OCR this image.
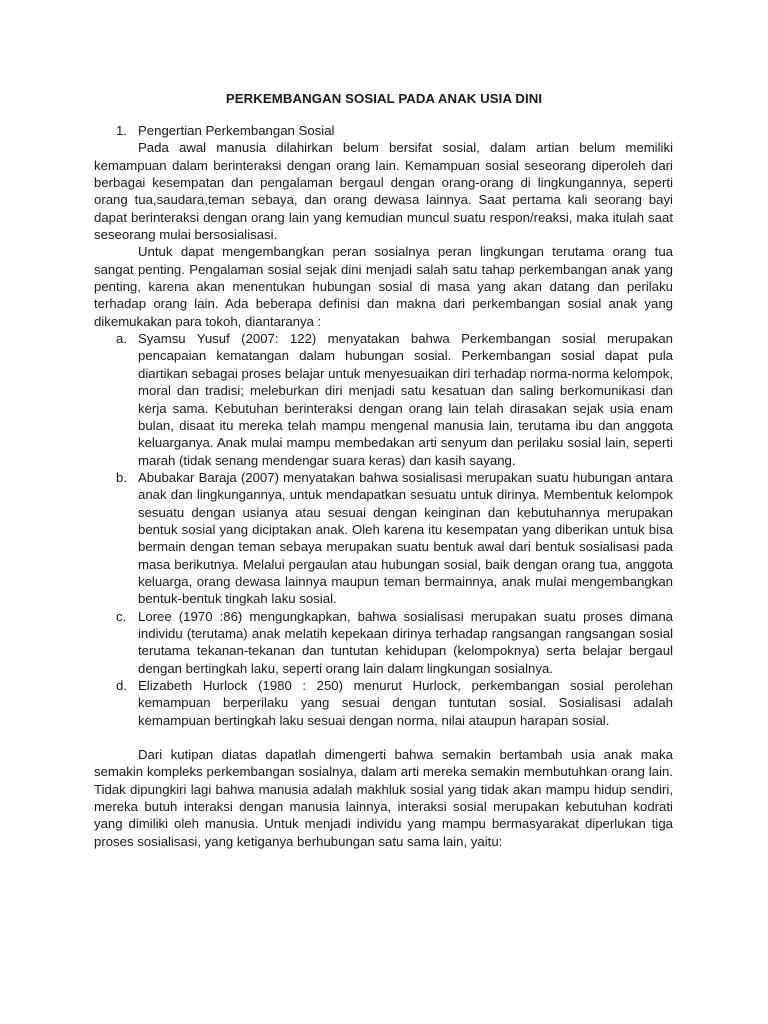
PERKEMBANGAN SOSIAL PADA ANAK USIA DINI
1. Pengertian Perkembangan Sosial

Pada awal manusia dilahirkan belum bersifat sosial, dalam artian belum memiliki kemampuan dalam berinteraksi dengan orang lain. Kemampuan sosial seseorang diperoleh dari berbagai kesempatan dan pengalaman bergaul dengan orang-orang di lingkungannya, seperti orang tua,saudara,teman sebaya, dan orang dewasa lainnya. Saat pertama kali seorang bayi dapat berinteraksi dengan orang lain yang kemudian muncul suatu respon/reaksi, maka itulah saat seseorang mulai bersosialisasi.

Untuk dapat mengembangkan peran sosialnya peran lingkungan terutama orang tua sangat penting. Pengalaman sosial sejak dini menjadi salah satu tahap perkembangan anak yang penting, karena akan menentukan hubungan sosial di masa yang akan datang dan perilaku terhadap orang lain. Ada beberapa definisi dan makna dari perkembangan sosial anak yang dikemukakan para tokoh, diantaranya :

a. Syamsu Yusuf (2007: 122) menyatakan bahwa Perkembangan sosial merupakan pencapaian kematangan dalam hubungan sosial. Perkembangan sosial dapat pula diartikan sebagai proses belajar untuk menyesuaikan diri terhadap norma-norma kelompok, moral dan tradisi; meleburkan diri menjadi satu kesatuan dan saling berkomunikasi dan kerja sama. Kebutuhan berinteraksi dengan orang lain telah dirasakan sejak usia enam bulan, disaat itu mereka telah mampu mengenal manusia lain, terutama ibu dan anggota keluarganya. Anak mulai mampu membedakan arti senyum dan perilaku sosial lain, seperti marah (tidak senang mendengar suara keras) dan kasih sayang.
b. Abubakar Baraja (2007) menyatakan bahwa sosialisasi merupakan suatu hubungan antara anak dan lingkungannya, untuk mendapatkan sesuatu untuk dirinya. Membentuk kelompok sesuatu dengan usianya atau sesuai dengan keinginan dan kebutuhannya merupakan bentuk sosial yang diciptakan anak. Oleh karena itu kesempatan yang diberikan untuk bisa bermain dengan teman sebaya merupakan suatu bentuk awal dari bentuk sosialisasi pada masa berikutnya. Melalui pergaulan atau hubungan sosial, baik dengan orang tua, anggota keluarga, orang dewasa lainnya maupun teman bermainnya, anak mulai mengembangkan bentuk-bentuk tingkah laku sosial.
c. Loree (1970 :86) mengungkapkan, bahwa sosialisasi merupakan suatu proses dimana individu (terutama) anak melatih kepekaan dirinya terhadap rangsangan rangsangan sosial terutama tekanan-tekanan dan tuntutan kehidupan (kelompoknya) serta belajar bergaul dengan bertingkah laku, seperti orang lain dalam lingkungan sosialnya.
d. Elizabeth Hurlock (1980 : 250) menurut Hurlock, perkembangan sosial perolehan kemampuan berperilaku yang sesuai dengan tuntutan sosial. Sosialisasi adalah kemampuan bertingkah laku sesuai dengan norma, nilai ataupun harapan sosial.

Dari kutipan diatas dapatlah dimengerti bahwa semakin bertambah usia anak maka semakin kompleks perkembangan sosialnya, dalam arti mereka semakin membutuhkan orang lain. Tidak dipungkiri lagi bahwa manusia adalah makhluk sosial yang tidak akan mampu hidup sendiri, mereka butuh interaksi dengan manusia lainnya, interaksi sosial merupakan kebutuhan kodrati yang dimiliki oleh manusia. Untuk menjadi individu yang mampu bermasyarakat diperlukan tiga proses sosialisasi, yang ketiganya berhubungan satu sama lain, yaitu:
